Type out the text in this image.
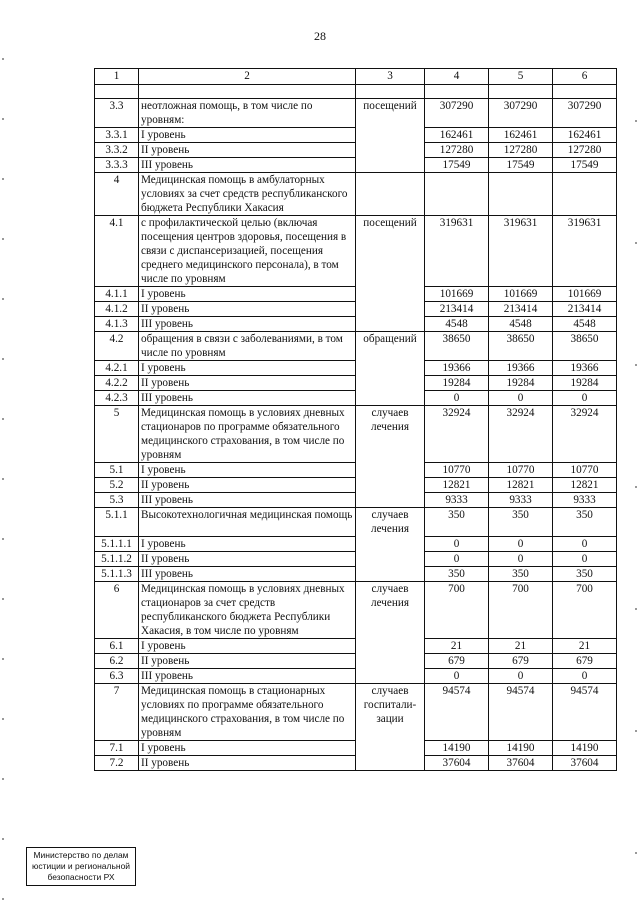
28
1	2	3	4	5	6

3.3	неотложная помощь, в том числе по уровням:	посещений	307290	307290	307290
3.3.1	I уровень		162461	162461	162461
3.3.2	II уровень		127280	127280	127280
3.3.3	III уровень		17549	17549	17549
4	Медицинская помощь в амбулаторных условиях за счет средств республиканского бюджета Республики Хакасия				
4.1	с профилактической целью (включая посещения центров здоровья, посещения в связи с диспансеризацией, посещения среднего медицинского персонала), в том числе по уровням	посещений	319631	319631	319631
4.1.1	I уровень		101669	101669	101669
4.1.2	II уровень		213414	213414	213414
4.1.3	III уровень		4548	4548	4548
4.2	обращения в связи с заболеваниями, в том числе по уровням	обращений	38650	38650	38650
4.2.1	I уровень		19366	19366	19366
4.2.2	II уровень		19284	19284	19284
4.2.3	III уровень		0	0	0
5	Медицинская помощь в условиях дневных стационаров по программе обязательного медицинского страхования, в том числе по уровням	случаев лечения	32924	32924	32924
5.1	I уровень		10770	10770	10770
5.2	II уровень		12821	12821	12821
5.3	III уровень		9333	9333	9333
5.1.1	Высокотехнологичная медицинская помощь	случаев лечения	350	350	350
5.1.1.1	I уровень		0	0	0
5.1.1.2	II уровень		0	0	0
5.1.1.3	III уровень		350	350	350
6	Медицинская помощь в условиях дневных стационаров за счет средств республиканского бюджета Республики Хакасия, в том числе по уровням	случаев лечения	700	700	700
6.1	I уровень		21	21	21
6.2	II уровень		679	679	679
6.3	III уровень		0	0	0
7	Медицинская помощь в стационарных условиях по программе обязательного медицинского страхования, в том числе по уровням	случаев госпитали-зации	94574	94574	94574
7.1	I уровень		14190	14190	14190
7.2	II уровень		37604	37604	37604
Министерство по делам
юстиции и региональной
безопасности РХ
